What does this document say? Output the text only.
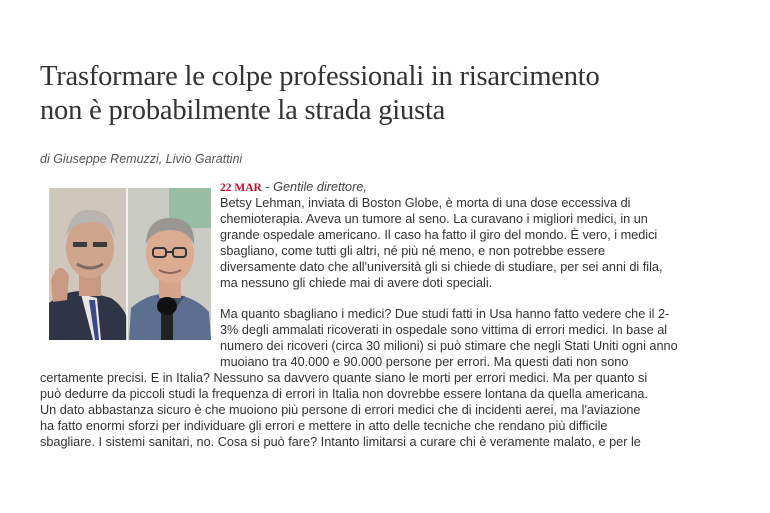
Trasformare le colpe professionali in risarcimento
non è probabilmente la strada giusta
di Giuseppe Remuzzi, Livio Garattini
22 MAR - Gentile direttore,
Betsy Lehman, inviata di Boston Globe, è morta di una dose eccessiva di
chemioterapia. Aveva un tumore al seno. La curavano i migliori medici, in un
grande ospedale americano. Il caso ha fatto il giro del mondo. È vero, i medici
sbagliano, come tutti gli altri, né più né meno, e non potrebbe essere
diversamente dato che all'università gli si chiede di studiare, per sei anni di fila,
ma nessuno gli chiede mai di avere doti speciali.
Ma quanto sbagliano i medici? Due studi fatti in Usa hanno fatto vedere che il 2-
3% degli ammalati ricoverati in ospedale sono vittima di errori medici. In base al
numero dei ricoveri (circa 30 milioni) si può stimare che negli Stati Uniti ogni anno
muoiano tra 40.000 e 90.000 persone per errori. Ma questi dati non sono
certamente precisi. E in Italia? Nessuno sa davvero quante siano le morti per errori medici. Ma per quanto si
può dedurre da piccoli studi la frequenza di errori in Italia non dovrebbe essere lontana da quella americana.
Un dato abbastanza sicuro è che muoiono più persone di errori medici che di incidenti aerei, ma l'aviazione
ha fatto enormi sforzi per individuare gli errori e mettere in atto delle tecniche che rendano più difficile
sbagliare. I sistemi sanitari, no. Cosa si può fare? Intanto limitarsi a curare chi è veramente malato, e per le
